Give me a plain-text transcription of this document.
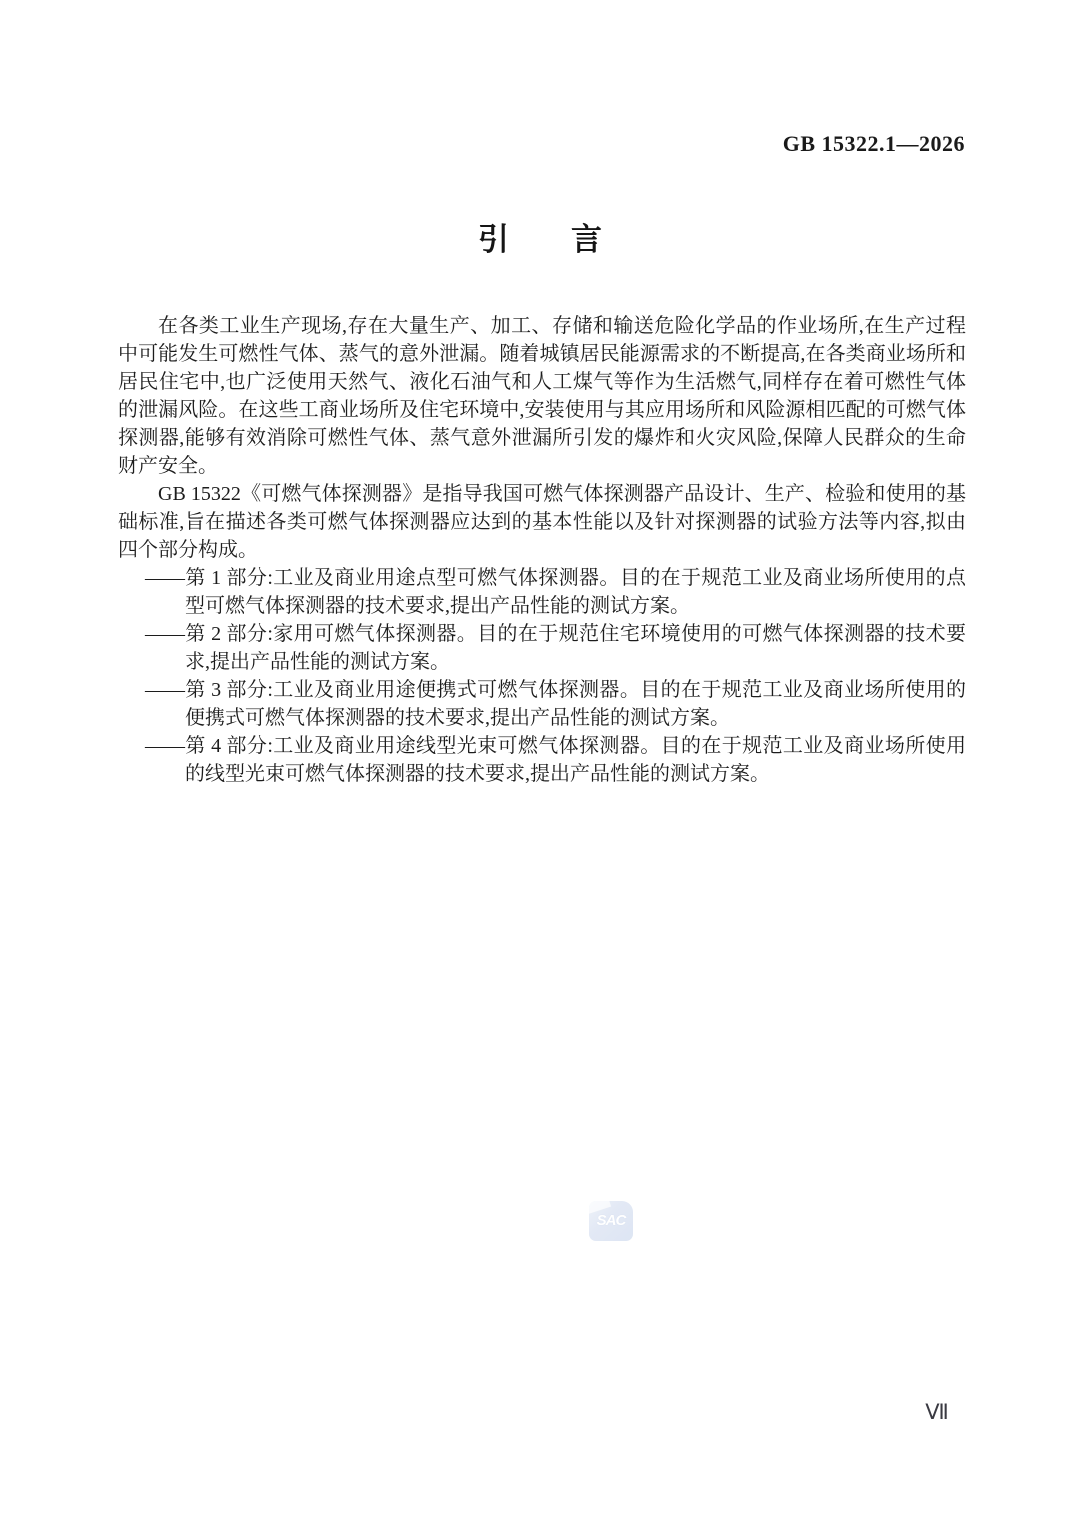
GB 15322.1—2026
引　　言

在各类工业生产现场,存在大量生产、加工、存储和输送危险化学品的作业场所,在生产过程中可能发生可燃性气体、蒸气的意外泄漏。随着城镇居民能源需求的不断提高,在各类商业场所和居民住宅中,也广泛使用天然气、液化石油气和人工煤气等作为生活燃气,同样存在着可燃性气体的泄漏风险。在这些工商业场所及住宅环境中,安装使用与其应用场所和风险源相匹配的可燃气体探测器,能够有效消除可燃性气体、蒸气意外泄漏所引发的爆炸和火灾风险,保障人民群众的生命财产安全。

GB 15322《可燃气体探测器》是指导我国可燃气体探测器产品设计、生产、检验和使用的基础标准,旨在描述各类可燃气体探测器应达到的基本性能以及针对探测器的试验方法等内容,拟由四个部分构成。

——第 1 部分:工业及商业用途点型可燃气体探测器。目的在于规范工业及商业场所使用的点型可燃气体探测器的技术要求,提出产品性能的测试方案。

——第 2 部分:家用可燃气体探测器。目的在于规范住宅环境使用的可燃气体探测器的技术要求,提出产品性能的测试方案。

——第 3 部分:工业及商业用途便携式可燃气体探测器。目的在于规范工业及商业场所使用的便携式可燃气体探测器的技术要求,提出产品性能的测试方案。

——第 4 部分:工业及商业用途线型光束可燃气体探测器。目的在于规范工业及商业场所使用的线型光束可燃气体探测器的技术要求,提出产品性能的测试方案。

SAC
Ⅶ
